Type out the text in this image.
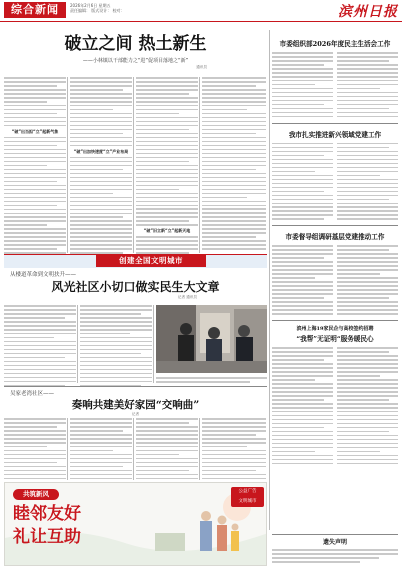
综合新闻	2026年2月6日 星期五
责任编辑： 版式设计： 校对：	滨州日报
破立之间 热土新生
——小林镇以干部能力之“进”促项目落地之“新”
通讯员
“破”出当担“立”起新气象
“破”出加快速度“立”产业布局
“破”旧立新“立”起新天地
市委组织部2026年度民主生活会工作
我市扎实推进新兴领域党建工作
市委督导组调研基层党建推动工作
滨州上海19家民企与高校签约招聘
“我帮”无证明“服务暖民心
创建全国文明城市
从楼道革命到文明扶升——
风光社区小切口做实民生大文章
记者 通讯员
吴家老湾社区——
奏响共建美好家园“交响曲”
记者
共筑新风
睦邻友好
礼让互助
公益广告
文明城市
遗失声明
